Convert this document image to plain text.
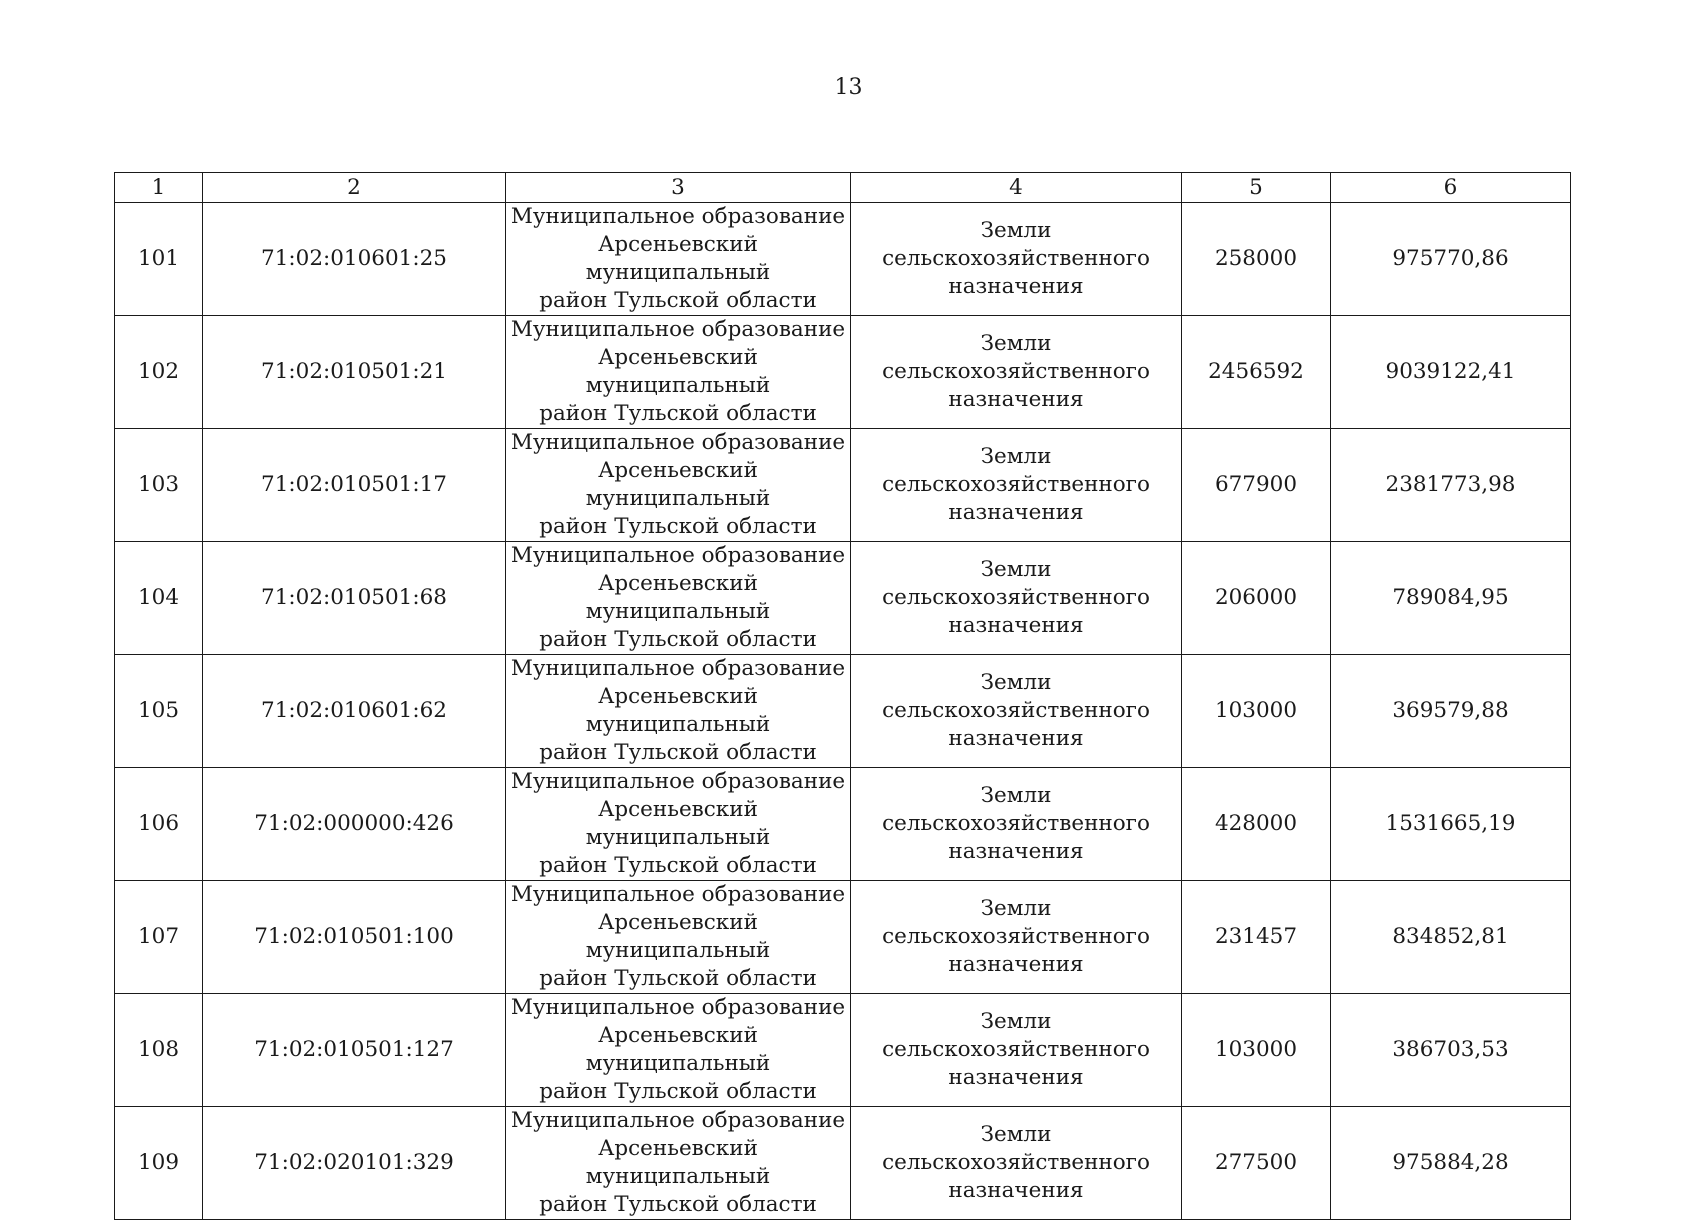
13
1	2	3	4	5	6
101	71:02:010601:25	Муниципальное образование
Арсеньевский муниципальный
район Тульской области	Земли
сельскохозяйственного
назначения	258000	975770,86
102	71:02:010501:21	Муниципальное образование
Арсеньевский муниципальный
район Тульской области	Земли
сельскохозяйственного
назначения	2456592	9039122,41
103	71:02:010501:17	Муниципальное образование
Арсеньевский муниципальный
район Тульской области	Земли
сельскохозяйственного
назначения	677900	2381773,98
104	71:02:010501:68	Муниципальное образование
Арсеньевский муниципальный
район Тульской области	Земли
сельскохозяйственного
назначения	206000	789084,95
105	71:02:010601:62	Муниципальное образование
Арсеньевский муниципальный
район Тульской области	Земли
сельскохозяйственного
назначения	103000	369579,88
106	71:02:000000:426	Муниципальное образование
Арсеньевский муниципальный
район Тульской области	Земли
сельскохозяйственного
назначения	428000	1531665,19
107	71:02:010501:100	Муниципальное образование
Арсеньевский муниципальный
район Тульской области	Земли
сельскохозяйственного
назначения	231457	834852,81
108	71:02:010501:127	Муниципальное образование
Арсеньевский муниципальный
район Тульской области	Земли
сельскохозяйственного
назначения	103000	386703,53
109	71:02:020101:329	Муниципальное образование
Арсеньевский муниципальный
район Тульской области	Земли
сельскохозяйственного
назначения	277500	975884,28
